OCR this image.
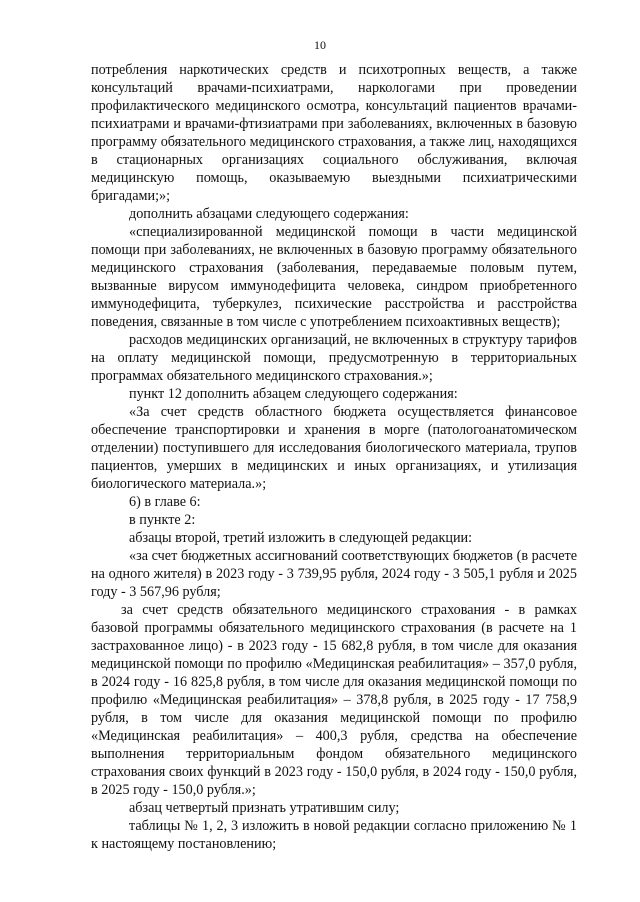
10

потребления наркотических средств и психотропных веществ, а также консультаций врачами-психиатрами, наркологами при проведении профилактического медицинского осмотра, консультаций пациентов врачами-психиатрами и врачами-фтизиатрами при заболеваниях, включенных в базовую программу обязательного медицинского страхования, а также лиц, находящихся в стационарных организациях социального обслуживания, включая медицинскую помощь, оказываемую выездными психиатрическими бригадами;»;

дополнить абзацами следующего содержания:

«специализированной медицинской помощи в части медицинской помощи при заболеваниях, не включенных в базовую программу обязательного медицинского страхования (заболевания, передаваемые половым путем, вызванные вирусом иммунодефицита человека, синдром приобретенного иммунодефицита, туберкулез, психические расстройства и расстройства поведения, связанные в том числе с употреблением психоактивных веществ);

расходов медицинских организаций, не включенных в структуру тарифов на оплату медицинской помощи, предусмотренную в территориальных программах обязательного медицинского страхования.»;

пункт 12 дополнить абзацем следующего содержания:

«За счет средств областного бюджета осуществляется финансовое обеспечение транспортировки и хранения в морге (патологоанатомическом отделении) поступившего для исследования биологического материала, трупов пациентов, умерших в медицинских и иных организациях, и утилизация биологического материала.»;

6) в главе 6:

в пункте 2:

абзацы второй, третий изложить в следующей редакции:

«за счет бюджетных ассигнований соответствующих бюджетов (в расчете на одного жителя) в 2023 году - 3 739,95 рубля, 2024 году - 3 505,1 рубля и 2025 году - 3 567,96 рубля;

за счет средств обязательного медицинского страхования - в рамках базовой программы обязательного медицинского страхования (в расчете на 1 застрахованное лицо) - в 2023 году - 15 682,8 рубля, в том числе для оказания медицинской помощи по профилю «Медицинская реабилитация» – 357,0 рубля, в 2024 году - 16 825,8 рубля, в том числе для оказания медицинской помощи по профилю «Медицинская реабилитация» – 378,8 рубля, в 2025 году - 17 758,9 рубля, в том числе для оказания медицинской помощи по профилю «Медицинская реабилитация» – 400,3 рубля, средства на обеспечение выполнения территориальным фондом обязательного медицинского страхования своих функций в 2023 году - 150,0 рубля, в 2024 году - 150,0 рубля, в 2025 году - 150,0 рубля.»;

абзац четвертый признать утратившим силу;

таблицы № 1, 2, 3 изложить в новой редакции согласно приложению № 1 к настоящему постановлению;
